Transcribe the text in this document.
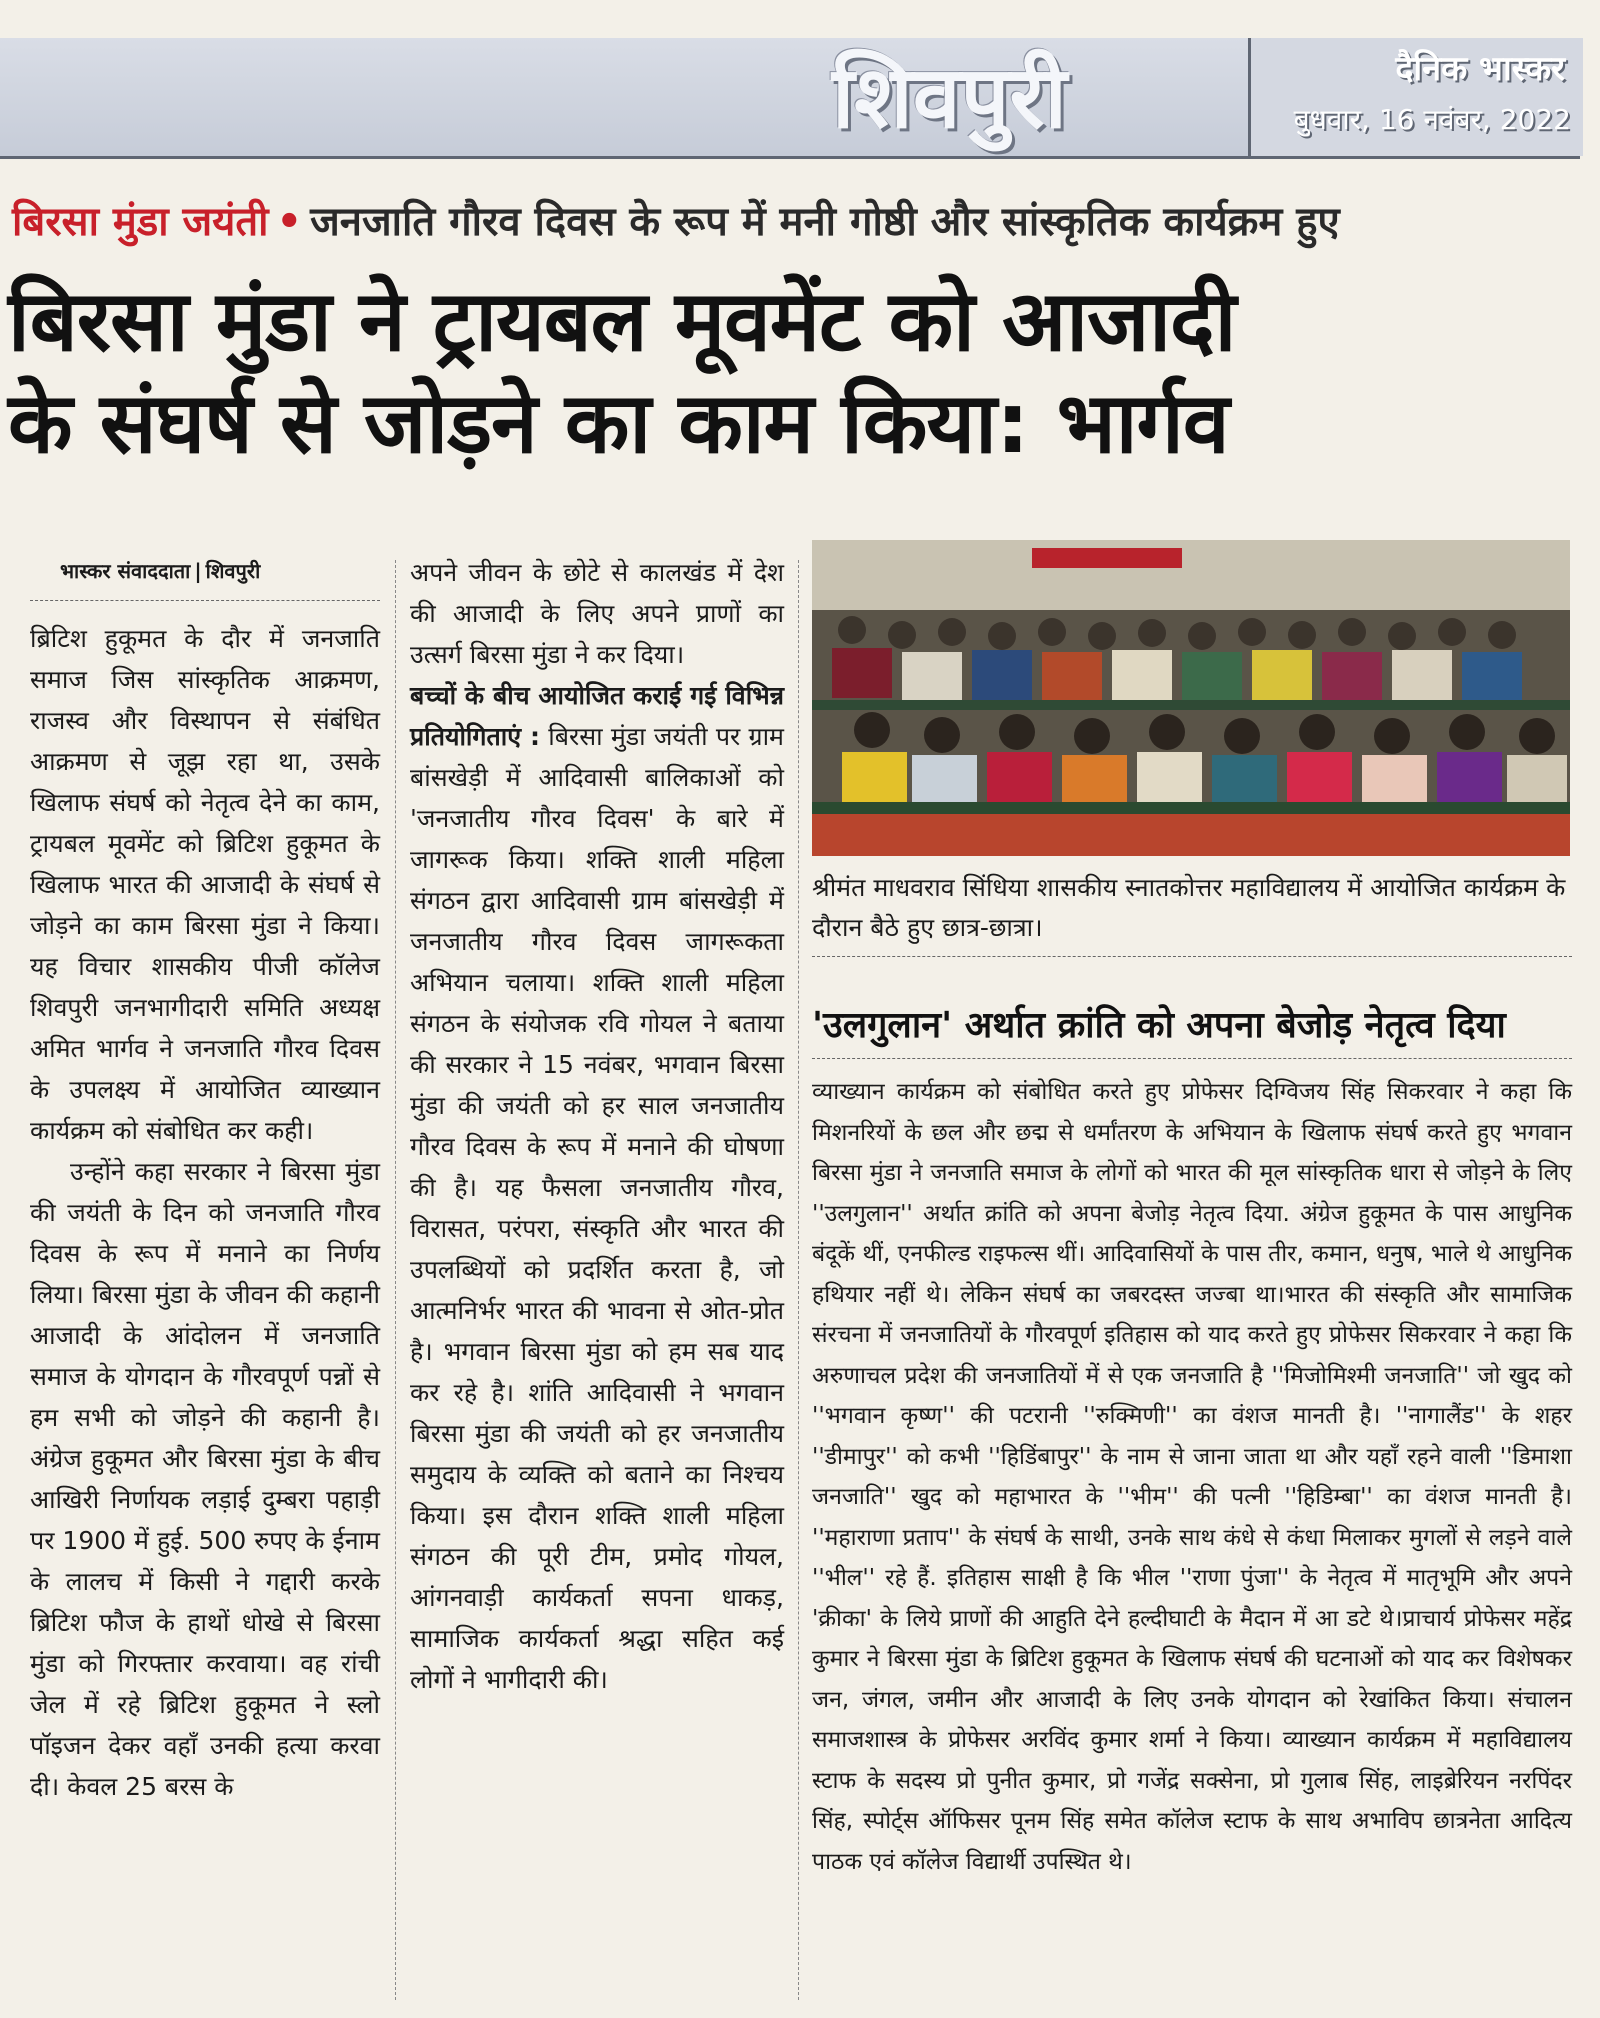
शिवपुरी	दैनिक भास्कर
बुधवार, 16 नवंबर, 2022
बिरसा मुंडा जयंती • जनजाति गौरव दिवस के रूप में मनी गोष्ठी और सांस्कृतिक कार्यक्रम हुए
बिरसा मुंडा ने ट्रायबल मूवमेंट को आजादी
के संघर्ष से जोड़ने का काम किया: भार्गव
भास्कर संवाददाता | शिवपुरी

ब्रिटिश हुकूमत के दौर में जनजाति समाज जिस सांस्कृतिक आक्रमण, राजस्व और विस्थापन से संबंधित आक्रमण से जूझ रहा था, उसके खिलाफ संघर्ष को नेतृत्व देने का काम, ट्रायबल मूवमेंट को ब्रिटिश हुकूमत के खिलाफ भारत की आजादी के संघर्ष से जोड़ने का काम बिरसा मुंडा ने किया। यह विचार शासकीय पीजी कॉलेज शिवपुरी जनभागीदारी समिति अध्यक्ष अमित भार्गव ने जनजाति गौरव दिवस के उपलक्ष्य में आयोजित व्याख्यान कार्यक्रम को संबोधित कर कही।

उन्होंने कहा सरकार ने बिरसा मुंडा की जयंती के दिन को जनजाति गौरव दिवस के रूप में मनाने का निर्णय लिया। बिरसा मुंडा के जीवन की कहानी आजादी के आंदोलन में जनजाति समाज के योगदान के गौरवपूर्ण पन्नों से हम सभी को जोड़ने की कहानी है।अंग्रेज हुकूमत और बिरसा मुंडा के बीच आखिरी निर्णायक लड़ाई दुम्बरा पहाड़ी पर 1900 में हुई. 500 रुपए के ईनाम के लालच में किसी ने गद्दारी करके ब्रिटिश फौज के हाथों धोखे से बिरसा मुंडा को गिरफ्तार करवाया। वह रांची जेल में रहे ब्रिटिश हुकूमत ने स्लो पॉइजन देकर वहाँ उनकी हत्या करवा दी। केवल 25 बरस के

अपने जीवन के छोटे से कालखंड में देश की आजादी के लिए अपने प्राणों का उत्सर्ग बिरसा मुंडा ने कर दिया।

बच्चों के बीच आयोजित कराई गई विभिन्न प्रतियोगिताएं : बिरसा मुंडा जयंती पर ग्राम बांसखेड़ी में आदिवासी बालिकाओं को 'जनजातीय गौरव दिवस' के बारे में जागरूक किया। शक्ति शाली महिला संगठन द्वारा आदिवासी ग्राम बांसखेड़ी में जनजातीय गौरव दिवस जागरूकता अभियान चलाया। शक्ति शाली महिला संगठन के संयोजक रवि गोयल ने बताया की सरकार ने 15 नवंबर, भगवान बिरसा मुंडा की जयंती को हर साल जनजातीय गौरव दिवस के रूप में मनाने की घोषणा की है। यह फैसला जनजातीय गौरव, विरासत, परंपरा, संस्कृति और भारत की उपलब्धियों को प्रदर्शित करता है, जो आत्मनिर्भर भारत की भावना से ओत-प्रोत है। भगवान बिरसा मुंडा को हम सब याद कर रहे है। शांति आदिवासी ने भगवान बिरसा मुंडा की जयंती को हर जनजातीय समुदाय के व्यक्ति को बताने का निश्चय किया। इस दौरान शक्ति शाली महिला संगठन की पूरी टीम, प्रमोद गोयल, आंगनवाड़ी कार्यकर्ता सपना धाकड़, सामाजिक कार्यकर्ता श्रद्धा सहित कई लोगों ने भागीदारी की।

श्रीमंत माधवराव सिंधिया शासकीय स्नातकोत्तर महाविद्यालय में आयोजित कार्यक्रम के दौरान बैठे हुए छात्र-छात्रा।
'उलगुलान' अर्थात क्रांति को अपना बेजोड़ नेतृत्व दिया
व्याख्यान कार्यक्रम को संबोधित करते हुए प्रोफेसर दिग्विजय सिंह सिकरवार ने कहा कि मिशनरियों के छल और छद्म से धर्मांतरण के अभियान के खिलाफ संघर्ष करते हुए भगवान बिरसा मुंडा ने जनजाति समाज के लोगों को भारत की मूल सांस्कृतिक धारा से जोड़ने के लिए ''उलगुलान'' अर्थात क्रांति को अपना बेजोड़ नेतृत्व दिया. अंग्रेज हुकूमत के पास आधुनिक बंदूकें थीं, एनफील्ड राइफल्स थीं। आदिवासियों के पास तीर, कमान, धनुष, भाले थे आधुनिक हथियार नहीं थे। लेकिन संघर्ष का जबरदस्त जज्बा था।भारत की संस्कृति और सामाजिक संरचना में जनजातियों के गौरवपूर्ण इतिहास को याद करते हुए प्रोफेसर सिकरवार ने कहा कि अरुणाचल प्रदेश की जनजातियों में से एक जनजाति है ''मिजोमिश्मी जनजाति'' जो खुद को ''भगवान कृष्ण'' की पटरानी ''रुक्मिणी'' का वंशज मानती है। ''नागालैंड'' के शहर ''डीमापुर'' को कभी ''हिडिंबापुर'' के नाम से जाना जाता था और यहाँ रहने वाली ''डिमाशा जनजाति'' खुद को महाभारत के ''भीम'' की पत्नी ''हिडिम्बा'' का वंशज मानती है। ''महाराणा प्रताप'' के संघर्ष के साथी, उनके साथ कंधे से कंधा मिलाकर मुगलों से लड़ने वाले ''भील'' रहे हैं. इतिहास साक्षी है कि भील ''राणा पुंजा'' के नेतृत्व में मातृभूमि और अपने 'क्रीका' के लिये प्राणों की आहुति देने हल्दीघाटी के मैदान में आ डटे थे।प्राचार्य प्रोफेसर महेंद्र कुमार ने बिरसा मुंडा के ब्रिटिश हुकूमत के खिलाफ संघर्ष की घटनाओं को याद कर विशेषकर जन, जंगल, जमीन और आजादी के लिए उनके योगदान को रेखांकित किया। संचालन समाजशास्त्र के प्रोफेसर अरविंद कुमार शर्मा ने किया। व्याख्यान कार्यक्रम में महाविद्यालय स्टाफ के सदस्य प्रो पुनीत कुमार, प्रो गजेंद्र सक्सेना, प्रो गुलाब सिंह, लाइब्रेरियन नरपिंदर सिंह, स्पोर्ट्स ऑफिसर पूनम सिंह समेत कॉलेज स्टाफ के साथ अभाविप छात्रनेता आदित्य पाठक एवं कॉलेज विद्यार्थी उपस्थित थे।
